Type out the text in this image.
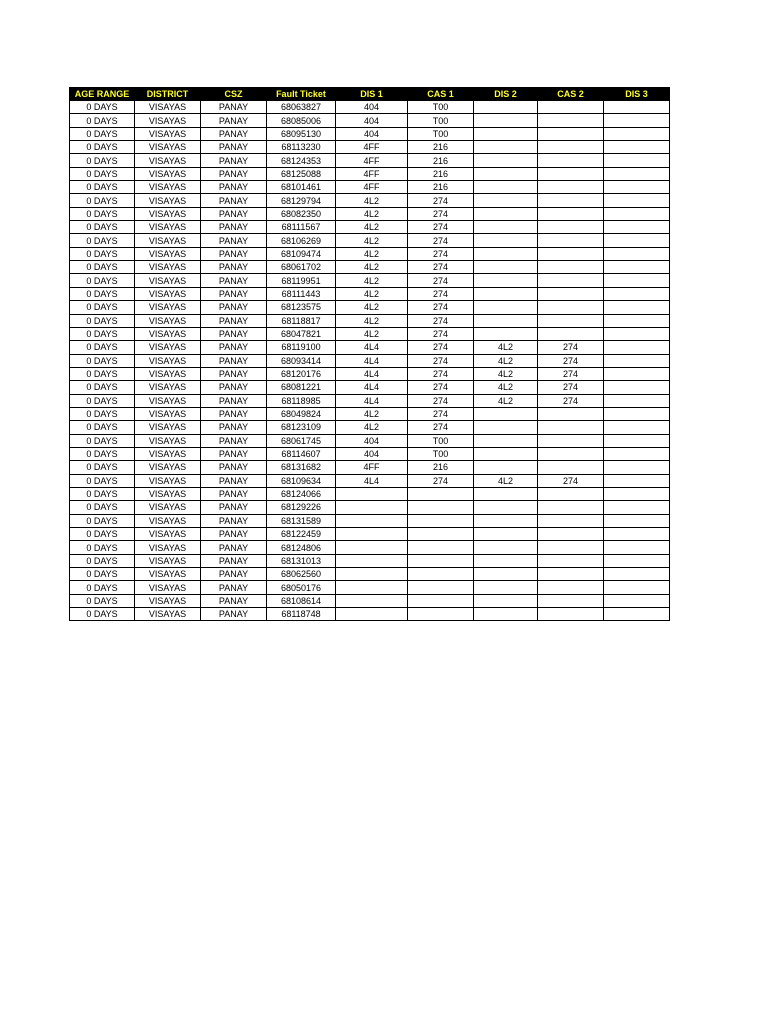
AGE RANGE	DISTRICT	CSZ	Fault Ticket	DIS 1	CAS 1	DIS 2	CAS 2	DIS 3
0 DAYS	VISAYAS	PANAY	68063827	404	T00			
0 DAYS	VISAYAS	PANAY	68085006	404	T00			
0 DAYS	VISAYAS	PANAY	68095130	404	T00			
0 DAYS	VISAYAS	PANAY	68113230	4FF	216			
0 DAYS	VISAYAS	PANAY	68124353	4FF	216			
0 DAYS	VISAYAS	PANAY	68125088	4FF	216			
0 DAYS	VISAYAS	PANAY	68101461	4FF	216			
0 DAYS	VISAYAS	PANAY	68129794	4L2	274			
0 DAYS	VISAYAS	PANAY	68082350	4L2	274			
0 DAYS	VISAYAS	PANAY	68111567	4L2	274			
0 DAYS	VISAYAS	PANAY	68106269	4L2	274			
0 DAYS	VISAYAS	PANAY	68109474	4L2	274			
0 DAYS	VISAYAS	PANAY	68061702	4L2	274			
0 DAYS	VISAYAS	PANAY	68119951	4L2	274			
0 DAYS	VISAYAS	PANAY	68111443	4L2	274			
0 DAYS	VISAYAS	PANAY	68123575	4L2	274			
0 DAYS	VISAYAS	PANAY	68118817	4L2	274			
0 DAYS	VISAYAS	PANAY	68047821	4L2	274			
0 DAYS	VISAYAS	PANAY	68119100	4L4	274	4L2	274	
0 DAYS	VISAYAS	PANAY	68093414	4L4	274	4L2	274	
0 DAYS	VISAYAS	PANAY	68120176	4L4	274	4L2	274	
0 DAYS	VISAYAS	PANAY	68081221	4L4	274	4L2	274	
0 DAYS	VISAYAS	PANAY	68118985	4L4	274	4L2	274	
0 DAYS	VISAYAS	PANAY	68049824	4L2	274			
0 DAYS	VISAYAS	PANAY	68123109	4L2	274			
0 DAYS	VISAYAS	PANAY	68061745	404	T00			
0 DAYS	VISAYAS	PANAY	68114607	404	T00			
0 DAYS	VISAYAS	PANAY	68131682	4FF	216			
0 DAYS	VISAYAS	PANAY	68109634	4L4	274	4L2	274	
0 DAYS	VISAYAS	PANAY	68124066					
0 DAYS	VISAYAS	PANAY	68129226					
0 DAYS	VISAYAS	PANAY	68131589					
0 DAYS	VISAYAS	PANAY	68122459					
0 DAYS	VISAYAS	PANAY	68124806					
0 DAYS	VISAYAS	PANAY	68131013					
0 DAYS	VISAYAS	PANAY	68062560					
0 DAYS	VISAYAS	PANAY	68050176					
0 DAYS	VISAYAS	PANAY	68108614					
0 DAYS	VISAYAS	PANAY	68118748					
